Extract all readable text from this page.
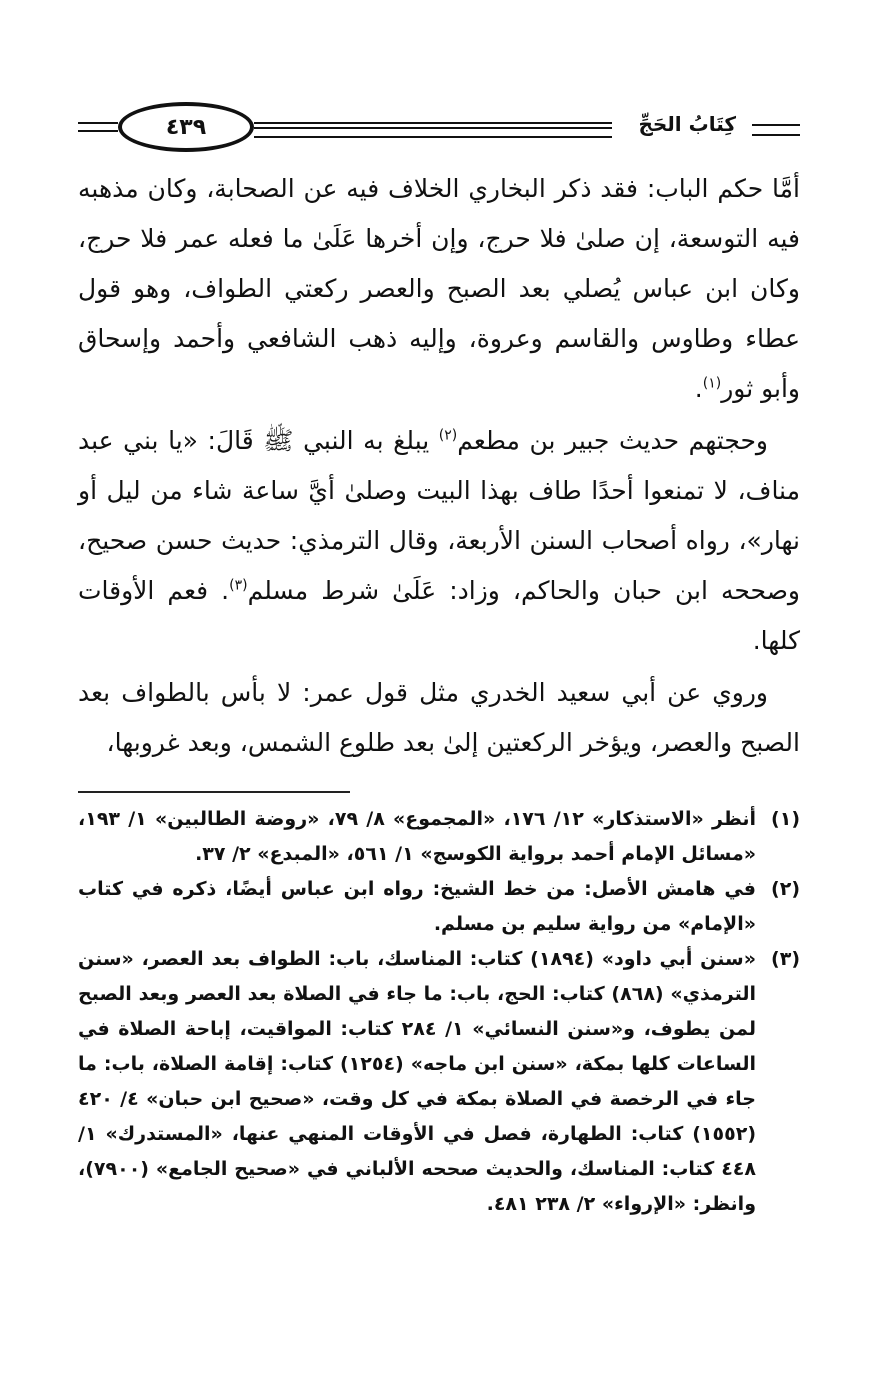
٤٣٩	كِتَابُ الحَجِّ

أمَّا حكم الباب: فقد ذكر البخاري الخلاف فيه عن الصحابة، وكان مذهبه فيه التوسعة، إن صلىٰ فلا حرج، وإن أخرها عَلَىٰ ما فعله عمر فلا حرج، وكان ابن عباس يُصلي بعد الصبح والعصر ركعتي الطواف، وهو قول عطاء وطاوس والقاسم وعروة، وإليه ذهب الشافعي وأحمد وإسحاق وأبو ثور$^{(١)}$.

وحجتهم حديث جبير بن مطعم$^{(٢)}$ يبلغ به النبي ﷺ قَالَ: «يا بني عبد مناف، لا تمنعوا أحدًا طاف بهذا البيت وصلىٰ أيَّ ساعة شاء من ليل أو نهار»، رواه أصحاب السنن الأربعة، وقال الترمذي: حديث حسن صحيح، وصححه ابن حبان والحاكم، وزاد: عَلَىٰ شرط مسلم$^{(٣)}$. فعم الأوقات كلها.

وروي عن أبي سعيد الخدري مثل قول عمر: لا بأس بالطواف بعد الصبح والعصر، ويؤخر الركعتين إلىٰ بعد طلوع الشمس، وبعد غروبها،

(١)
أنظر «الاستذكار» ١٢/ ١٧٦، «المجموع» ٨/ ٧٩، «روضة الطالبين» ١/ ١٩٣، «مسائل الإمام أحمد برواية الكوسج» ١/ ٥٦١، «المبدع» ٢/ ٣٧.
(٢)
في هامش الأصل: من خط الشيخ: رواه ابن عباس أيضًا، ذكره في كتاب «الإمام» من رواية سليم بن مسلم.
(٣)
«سنن أبي داود» (١٨٩٤) كتاب: المناسك، باب: الطواف بعد العصر، «سنن الترمذي» (٨٦٨) كتاب: الحج، باب: ما جاء في الصلاة بعد العصر وبعد الصبح لمن يطوف، و«سنن النسائي» ١/ ٢٨٤ كتاب: المواقيت، إباحة الصلاة في الساعات كلها بمكة، «سنن ابن ماجه» (١٢٥٤) كتاب: إقامة الصلاة، باب: ما جاء في الرخصة في الصلاة بمكة في كل وقت، «صحيح ابن حبان» ٤/ ٤٢٠ (١٥٥٢) كتاب: الطهارة، فصل في الأوقات المنهي عنها، «المستدرك» ١/ ٤٤٨ كتاب: المناسك، والحديث صححه الألباني في «صحيح الجامع» (٧٩٠٠)، وانظر: «الإرواء» ٢/ ٢٣٨ ٤٨١.
